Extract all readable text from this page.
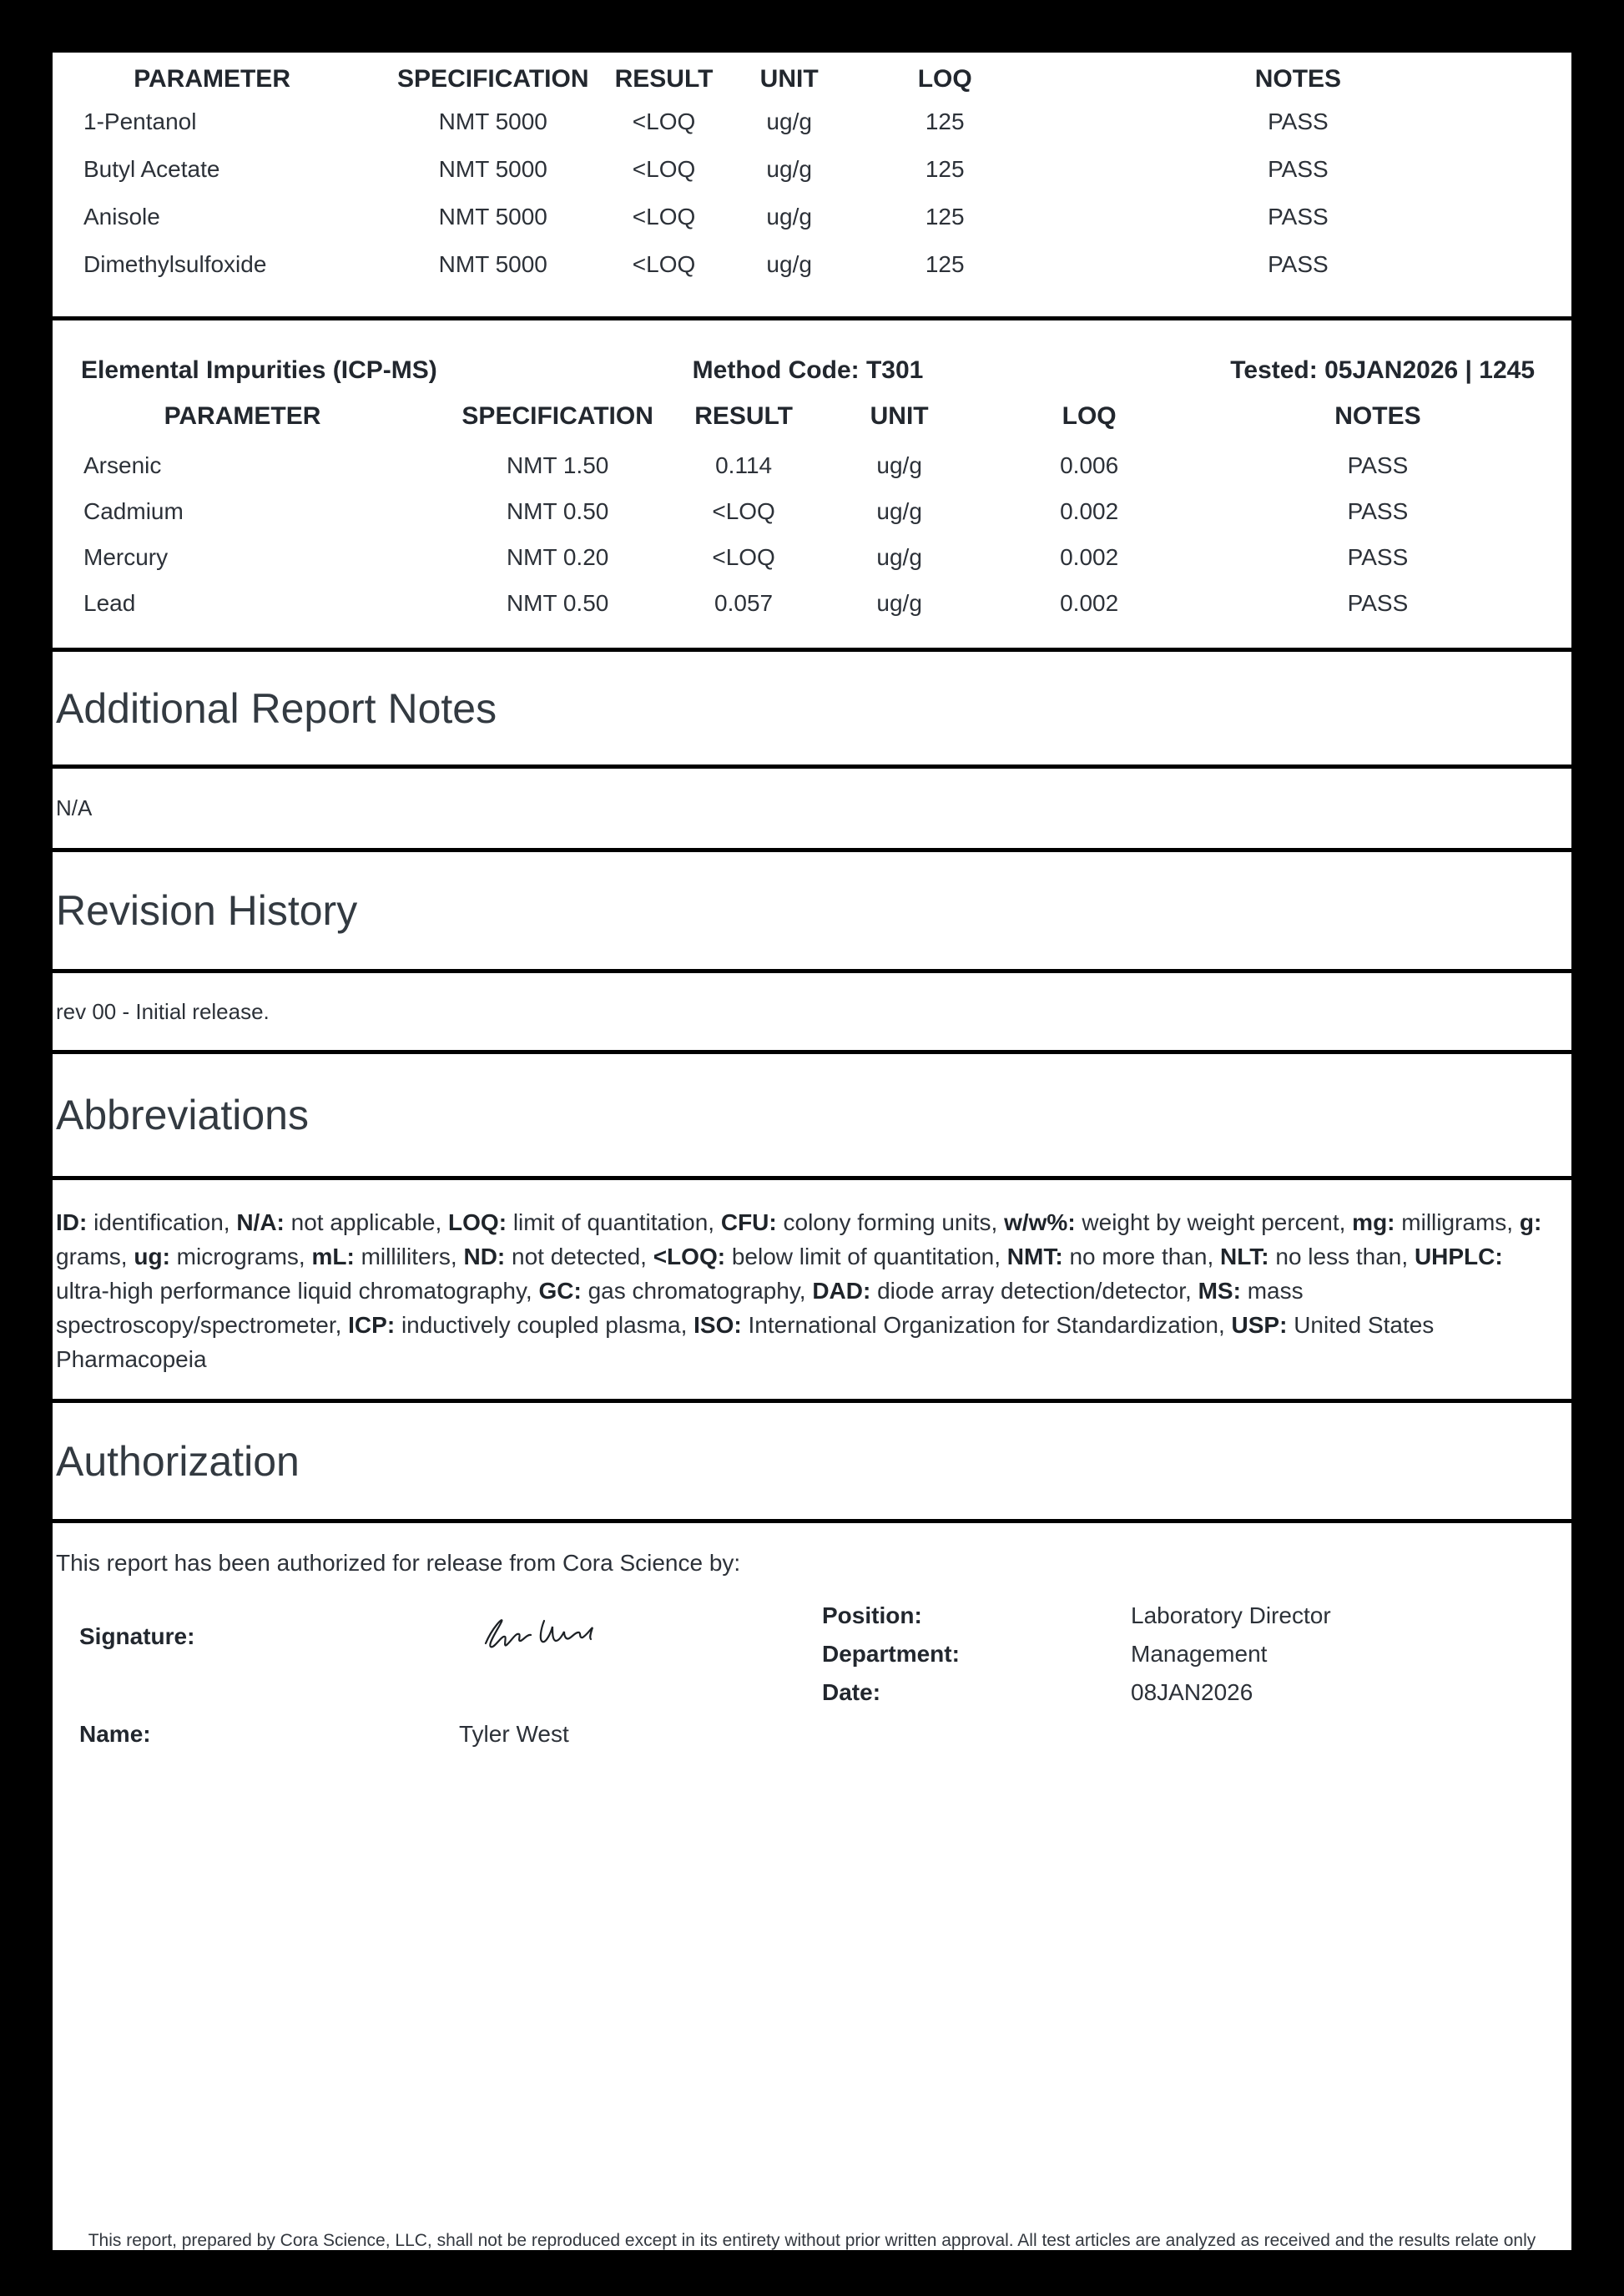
PARAMETER	SPECIFICATION	RESULT	UNIT	LOQ	NOTES
1-Pentanol	NMT 5000	<LOQ	ug/g	125	PASS
Butyl Acetate	NMT 5000	<LOQ	ug/g	125	PASS
Anisole	NMT 5000	<LOQ	ug/g	125	PASS
Dimethylsulfoxide	NMT 5000	<LOQ	ug/g	125	PASS
Elemental Impurities (ICP-MS)	Method Code: T301	Tested: 05JAN2026 | 1245
PARAMETER	SPECIFICATION	RESULT	UNIT	LOQ	NOTES
Arsenic	NMT 1.50	0.114	ug/g	0.006	PASS
Cadmium	NMT 0.50	<LOQ	ug/g	0.002	PASS
Mercury	NMT 0.20	<LOQ	ug/g	0.002	PASS
Lead	NMT 0.50	0.057	ug/g	0.002	PASS
Additional Report Notes

N/A

Revision History

rev 00 - Initial release.

Abbreviations

ID: identification , N/A: not applicable , LOQ: limit of quantitation , CFU: colony forming units , w/w%: weight by weight percent , mg: milligrams , g: grams , ug: micrograms , mL: milliliters , ND: not detected , <LOQ: below limit of quantitation , NMT: no more than , NLT: no less than , UHPLC: ultra-high performance liquid chromatography , GC: gas chromatography , DAD: diode array detection/detector , MS: mass spectroscopy/spectrometer , ICP: inductively coupled plasma , ISO: International Organization for Standardization , USP: United States Pharmacopeia

Authorization

This report has been authorized for release from Cora Science by:

Signature:
Name:	Tyler West
Position:	Laboratory Director
Department:	Management
Date:	08JAN2026
This report, prepared by Cora Science, LLC, shall not be reproduced except in its entirety without prior written approval. All test articles are analyzed as received and the results relate only
